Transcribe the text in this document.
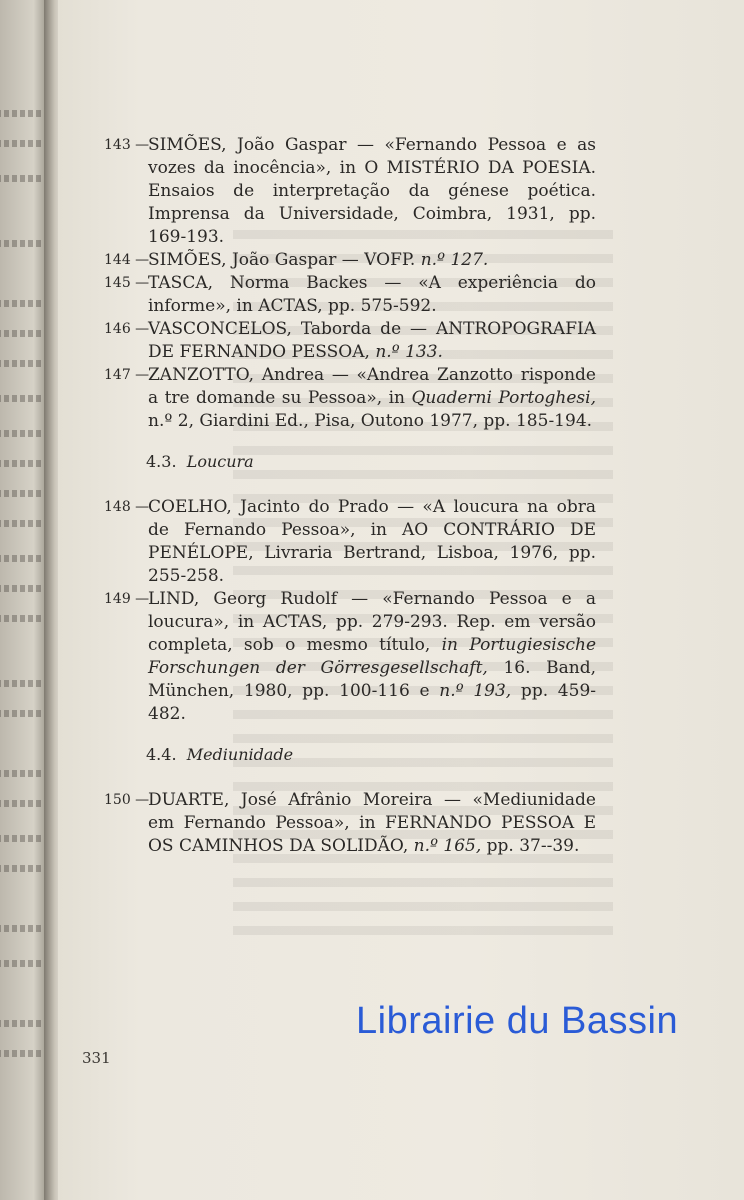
143 —
SIMÕES, João Gaspar — «Fernando Pessoa e as vozes da inocência», in O MISTÉRIO DA POESIA. Ensaios de interpretação da génese poética. Imprensa da Universidade, Coimbra, 1931, pp. 169-193.
144 —
SIMÕES, João Gaspar — VOFP. n.º 127.
145 —
TASCA, Norma Backes — «A experiência do informe», in ACTAS, pp. 575-592.
146 —
VASCONCELOS, Taborda de — ANTROPOGRAFIA DE FERNANDO PESSOA, n.º 133.
147 —
ZANZOTTO, Andrea — «Andrea Zanzotto risponde a tre domande su Pessoa», in Quaderni Portoghesi, n.º 2, Giardini Ed., Pisa, Outono 1977, pp. 185-194.
4.3. Loucura
148 —
COELHO, Jacinto do Prado — «A loucura na obra de Fernando Pessoa», in AO CONTRÁRIO DE PENÉLOPE, Livraria Bertrand, Lisboa, 1976, pp. 255-258.
149 —
LIND, Georg Rudolf — «Fernando Pessoa e a loucura», in ACTAS, pp. 279-293. Rep. em versão completa, sob o mesmo título, in Portugiesische Forschungen der Görresgesellschaft, 16. Band, München, 1980, pp. 100-116 e n.º 193, pp. 459-482.
4.4. Mediunidade
150 —
DUARTE, José Afrânio Moreira — «Mediunidade em Fernando Pessoa», in FERNANDO PESSOA E OS CAMINHOS DA SOLIDÃO, n.º 165, pp. 37--39.
331
Librairie du Bassin
